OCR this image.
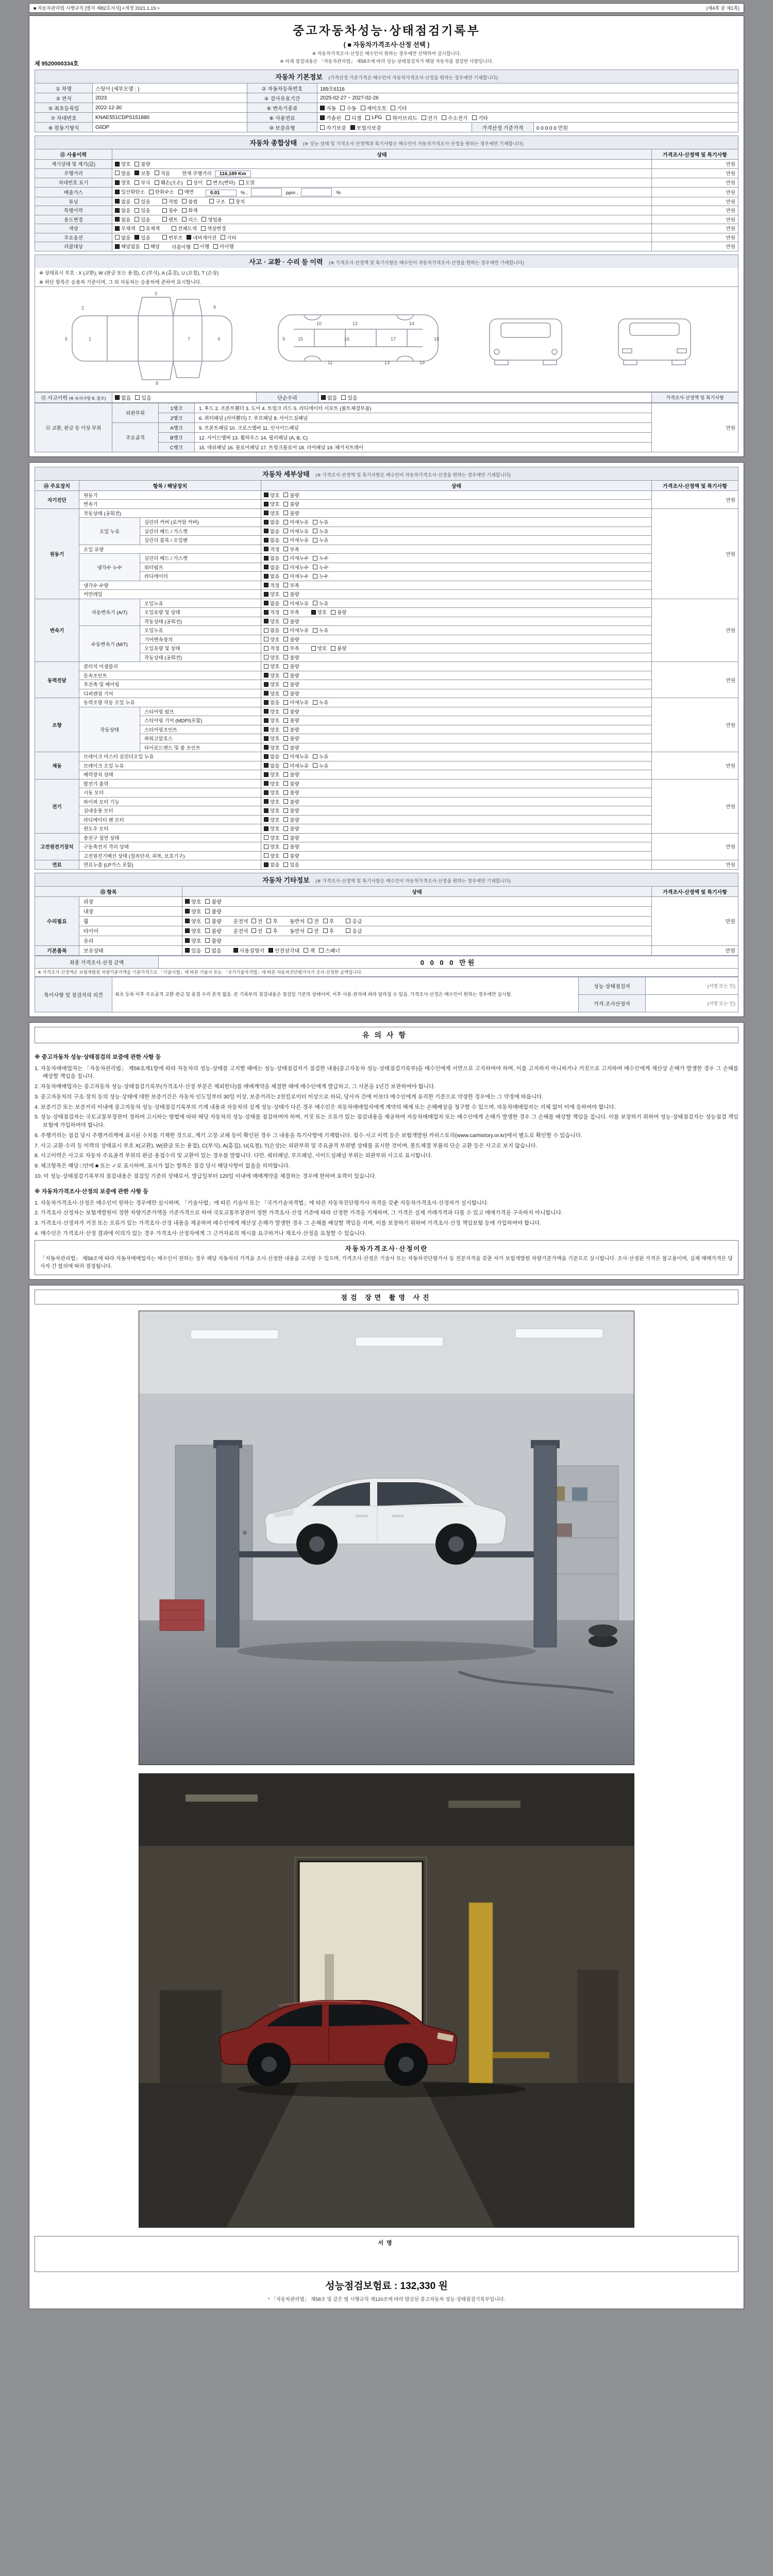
■ 자동차관리법 시행규칙 [별지 제82호서식] <개정 2021.1.19.>	(제4쪽 중 제1쪽)
중고자동차성능·상태점검기록부
( ■ 자동차가격조사·산정 선택 )
※ 자동차가격조사·산정은 매수인이 원하는 경우에만 선택하여 실시합니다.
※ 아래 점검내용은 「자동차관리법」 제58조에 따라 성능·상태점검자가 해당 자동차를 점검한 사항입니다.
제 9520000334호
자동차 기본정보 (가격산정 기준가격은 매수인이 자동차가격조사·산정을 원하는 경우에만 기재합니다)
① 차명	스팅어 (세부모델 : )	② 자동차등록번호	189오6116		
③ 연식	2023	④ 검사유효기간	2025-02-27 ~ 2027-02-26		
⑤ 최초등록일	2022-12-30	⑥ 변속기종류	자동 수동 세미오토 기타		

⑦ 차대번호	KNAE551CDPS151880	⑧ 사용연료	가솔린 디젤 LPG 하이브리드 전기 수소전기 기타

⑨ 원동기형식	G6DP	⑩ 보증유형	자기보증 보험사보증	가격산정 기준가격	0 0 0 0 0 만원
자동차 종합상태 (※ 성능·상태 및 가격조사·산정액과 특기사항은 매수인이 자동차가격조사·산정을 원하는 경우에만 기재합니다)
⑪ 사용이력	상태	가격조사·산정액 및 특기사항
계기상태 및 계기(값)	양호 불량	만원
주행거리	많음 보통 적음 현재 주행거리 116,189 Km	만원
차대번호 표기	양호 부식 훼손(오손) 상이 변조(변타) 도말	만원
배출가스	일산화탄소 탄화수소 매연 0.01 % ,　 ppm ,　 %	만원
튜닝	없음 있음	적법 불법	구조 장치	만원
특별이력	없음 있음 침수 화재	만원
용도변경	없음 있음 렌트 리스 영업용	만원
색상	무채색 유채색 전체도색 색상변경	만원
주요옵션	없음 있음 썬루프 네비게이션 기타	만원
리콜대상	해당없음 해당 리콜이행 이행 미이행	만원
사고 · 교환 · 수리 등 이력 (※ 가격조사·산정액 및 특기사항은 매수인이 자동차가격조사·산정을 원하는 경우에만 기재합니다)
※ 상태표시 부호 : X (교환), W (판금 또는 용접), C (부식), A (흠집), U (요철), T (손상)
※ 하단 항목은 승용차 기준이며, 그 외 자동차는 승용차에 준하여 표시합니다.
1
2
3
4
5
6
7
8
9
10
11
12
13
14
15	16	17	18
19
⑫ 사고이력 (※ 유의사항 8. 참조)	없음 있음	단순수리	없음 있음	가격조사·산정액 및 특기사항
⑬ 교환, 판금 등 이상 부위	외판부위	1랭크	1. 후드 2. 프론트휀더 3. 도어 4. 트렁크 리드 5. 라디에이터 서포트 (볼트체결부품)	만원
		2랭크	6. 쿼터패널 (리어휀더) 7. 루프패널 8. 사이드실패널	
	주요골격	A랭크	9. 프론트패널 10. 크로스멤버 11. 인사이드패널	
		B랭크	12. 사이드멤버 13. 휠하우스 14. 필러패널 (A, B, C)	
		C랭크	15. 대쉬패널 16. 플로어패널 17. 트렁크플로어 18. 리어패널 19. 패키지트레이	
자동차 세부상태 (※ 가격조사·산정액 및 특기사항은 매수인이 자동차가격조사·산정을 원하는 경우에만 기재합니다)
⑭ 주요장치	항목 / 해당장치		상태	가격조사·산정액 및 특기사항
자기진단	원동기		양호 불량	만원
	변속기		양호 불량	

원동기	작동상태 (공회전)		양호 불량	만원
	오일 누유	실린더 커버 (로커암 커버)	없음 미세누유 누유	

		실린더 헤드 / 가스켓	없음 미세누유 누유	

		실린더 블록 / 오일팬	없음 미세누유 누유	

	오일 유량		적정 부족	

	냉각수 누수	실린더 헤드 / 가스켓	없음 미세누수 누수	

		워터펌프	없음 미세누수 누수	

		라디에이터	없음 미세누수 누수	

	냉각수 수량		적정 부족	

	커먼레일		양호 불량	

변속기	자동변속기 (A/T)	오일누유	없음 미세누유 누유	만원
		오일유량 및 상태	적정 부족 양호 불량	

		작동상태 (공회전)	양호 불량	

	수동변속기 (M/T)	오일누유	없음 미세누유 누유	

		기어변속장치	양호 불량	

		오일유량 및 상태	적정 부족 양호 불량	

		작동상태 (공회전)	양호 불량	

동력전달	클러치 어셈블리		양호 불량	만원
	등속조인트		양호 불량	

	추진축 및 베어링		양호 불량	

	디퍼렌셜 기어		양호 불량	

조향	동력조향 작동 오일 누유		없음 미세누유 누유	만원
	작동상태	스티어링 펌프	양호 불량	

		스티어링 기어 (MDPS포함)	양호 불량	

		스티어링조인트	양호 불량	

		파워고압호스	양호 불량	

		타이로드엔드 및 볼 조인트	양호 불량	

제동	브레이크 마스터 실린더오일 누유		없음 미세누유 누유	만원
	브레이크 오일 누유		없음 미세누유 누유	

	배력장치 상태		양호 불량	

전기	발전기 출력		양호 불량	만원
	시동 모터		양호 불량	

	와이퍼 모터 기능		양호 불량	

	실내송풍 모터		양호 불량	

	라디에이터 팬 모터		양호 불량	

	윈도우 모터		양호 불량	

고전원전기장치	충전구 절연 상태		양호 불량	만원
	구동축전지 격리 상태		양호 불량	

	고전원전기배선 상태 (접속단자, 피복, 보호기구)		양호 불량	

연료	연료누출 (LP가스 포함)		없음 있음	만원
자동차 기타정보 (※ 가격조사·산정액 및 특기사항은 매수인이 자동차가격조사·산정을 원하는 경우에만 기재합니다)
⑮ 항목		상태	가격조사·산정액 및 특기사항
수리필요	외장	양호 불량	만원
	내장	양호 불량	

휠	양호 불량 운전석 전 후 동반석 전 후	응급

타이어	양호 불량 운전석 전 후 동반석 전 후	응급

	유리	양호 불량	

기본품목	보유상태	있음 없음	사용설명서 안전삼각대 잭 스패너	만원
최종 가격조사·산정 금액	0 0 0 0 만원
※ 가격조사·산정액은 보험개발원 차량기준가액을 기준가격으로 「기술사법」에 따른 기술사 또는 「국가기술자격법」에 따른 자동차진단평가사가 조사·산정한 금액입니다.
특이사항 및 점검자의 의견	최초 등록 이후 주요골격 교환·판금 및 용접 수리 흔적 없음. 본 기록부의 점검내용은 점검일 기준의 상태이며, 이후 사용·관리에 따라 달라질 수 있음. 가격조사·산정은 매수인이 원하는 경우에만 실시함.	성능·상태점검자	(서명 또는 인)
		가격·조사산정자	(서명 또는 인)
유의사항
※ 중고자동차 성능·상태점검의 보증에 관한 사항 등
1. 자동차매매업자는 「자동차관리법」 제58조제1항에 따라 자동차의 성능·상태를 고지할 때에는 성능·상태점검자가 점검한 내용(중고자동차 성능·상태점검기록부)을 매수인에게 서면으로 고지하여야 하며, 이를 고지하지 아니하거나 거짓으로 고지하여 매수인에게 재산상 손해가 발생한 경우 그 손해를 배상할 책임을 집니다.
2. 자동차매매업자는 중고자동차 성능·상태점검기록부(가격조사·산정 부분은 제외한다)를 매매계약을 체결한 때에 매수인에게 발급하고, 그 사본을 1년간 보관하여야 합니다.
3. 중고자동차의 구조·장치 등의 성능·상태에 대한 보증기간은 자동차 인도일부터 30일 이상, 보증거리는 2천킬로미터 이상으로 하되, 당사자 간에 이보다 매수인에게 유리한 기준으로 약정한 경우에는 그 약정에 따릅니다.
4. 보증기간 또는 보증거리 이내에 중고자동차 성능·상태점검기록부의 기재 내용과 자동차의 실제 성능·상태가 다른 경우 매수인은 자동차매매업자에게 계약의 해제 또는 손해배상을 청구할 수 있으며, 자동차매매업자는 지체 없이 이에 응하여야 합니다.
5. 성능·상태점검자는 국토교통부장관이 정하여 고시하는 방법에 따라 해당 자동차의 성능·상태를 점검하여야 하며, 거짓 또는 오류가 있는 점검내용을 제공하여 자동차매매업자 또는 매수인에게 손해가 발생한 경우 그 손해를 배상할 책임을 집니다. 이를 보장하기 위하여 성능·상태점검자는 성능점검 책임보험에 가입하여야 합니다.
6. 주행거리는 점검 당시 주행거리계에 표시된 수치를 기재한 것으로, 계기 고장·교체 등이 확인된 경우 그 내용을 특기사항에 기재합니다. 침수·사고 이력 등은 보험개발원 카히스토리(www.carhistory.or.kr)에서 별도로 확인할 수 있습니다.
7. 사고·교환·수리 등 이력의 상태표시 부호 X(교환), W(판금 또는 용접), C(부식), A(흠집), U(요철), T(손상)는 외판부위 및 주요골격 부위별 상태를 표시한 것이며, 볼트체결 부품의 단순 교환 등은 사고로 보지 않습니다.
8. 사고이력은 사고로 자동차 주요골격 부위의 판금·용접수리 및 교환이 있는 경우를 말합니다. 다만, 쿼터패널, 루프패널, 사이드실패널 부위는 외판부위 사고로 표시합니다.
9. 체크항목은 해당 □안에 ■ 또는 ✓로 표시하며, 표시가 없는 항목은 점검 당시 해당사항이 없음을 의미합니다.
10. 이 성능·상태점검기록부의 점검내용은 점검일 기준의 상태로서, 발급일부터 120일 이내에 매매계약을 체결하는 경우에 한하여 효력이 있습니다.
※ 자동차가격조사·산정의 보증에 관한 사항 등
1. 자동차가격조사·산정은 매수인이 원하는 경우에만 실시하며, 「기술사법」에 따른 기술사 또는 「국가기술자격법」에 따른 자동차진단평가사 자격을 갖춘 자동차가격조사·산정자가 실시합니다.
2. 가격조사·산정자는 보험개발원이 정한 차량기준가액을 기준가격으로 하여 국토교통부장관이 정한 가격조사·산정 기준에 따라 산정한 가격을 기재하며, 그 가격은 실제 거래가격과 다를 수 있고 매매가격을 구속하지 아니합니다.
3. 가격조사·산정자가 거짓 또는 오류가 있는 가격조사·산정 내용을 제공하여 매수인에게 재산상 손해가 발생한 경우 그 손해를 배상할 책임을 지며, 이를 보장하기 위하여 가격조사·산정 책임보험 등에 가입하여야 합니다.
4. 매수인은 가격조사·산정 결과에 이의가 있는 경우 가격조사·산정자에게 그 근거자료의 제시를 요구하거나 재조사·산정을 요청할 수 있습니다.
자동차가격조사·산정이란
「자동차관리법」 제58조에 따라 자동차매매업자는 매수인이 원하는 경우 해당 자동차의 가격을 조사·산정한 내용을 고지할 수 있으며, 가격조사·산정은 기술사 또는 자동차진단평가사 등 전문자격을 갖춘 자가 보험개발원 차량기준가액을 기준으로 실시합니다. 조사·산정된 가격은 참고용이며, 실제 매매가격은 당사자 간 합의에 따라 결정됩니다.
점검 장면 촬영 사진
서명
성능점검보험료 : 132,330 원
* 「자동차관리법」 제58조 및 같은 법 시행규칙 제120조에 따라 발급된 중고자동차 성능·상태점검기록부입니다.
